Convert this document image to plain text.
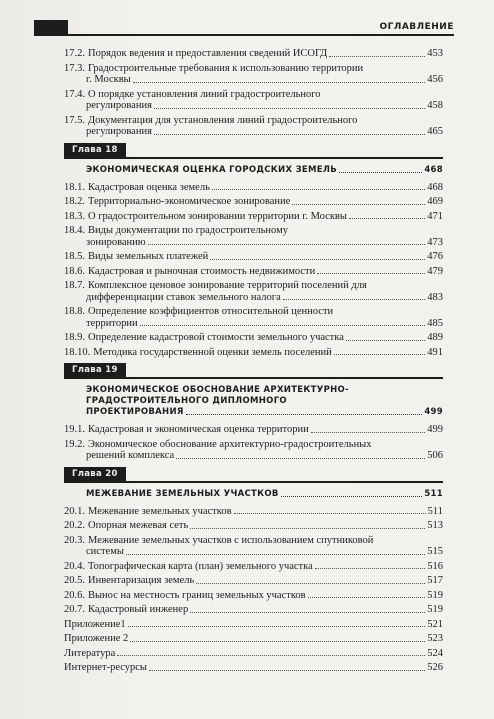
ОГЛАВЛЕНИЕ
17.2. Порядок ведения и предоставления сведений ИСОГД	453
17.3. Градостроительные требования к использованию территории
г. Москвы	456
17.4. О порядке установления линий градостроительного
регулирования	458
17.5. Документация для установления линий градостроительного
регулирования	465
Глава 18
ЭКОНОМИЧЕСКАЯ ОЦЕНКА ГОРОДСКИХ ЗЕМЕЛЬ	468
18.1. Кадастровая оценка земель	468
18.2. Территориально-экономическое зонирование	469
18.3. О градостроительном зонировании территории г. Москвы	471
18.4. Виды документации по градостроительному
зонированию	473
18.5. Виды земельных платежей	476
18.6. Кадастровая и рыночная стоимость недвижимости	479
18.7. Комплексное ценовое зонирование территорий поселений для
дифференциации ставок земельного налога	483
18.8. Определение коэффициентов относительной ценности
территории	485
18.9. Определение кадастровой стоимости земельного участка	489
18.10. Методика государственной оценки земель поселений	491
Глава 19
ЭКОНОМИЧЕСКОЕ ОБОСНОВАНИЕ АРХИТЕКТУРНО-ГРАДОСТРОИТЕЛЬНОГО ДИПЛОМНОГО
ПРОЕКТИРОВАНИЯ	499
19.1. Кадастровая и экономическая оценка территории	499
19.2. Экономическое обоснование архитектурно-градостроительных
решений комплекса	506
Глава 20
МЕЖЕВАНИЕ ЗЕМЕЛЬНЫХ УЧАСТКОВ	511
20.1. Межевание земельных участков	511
20.2. Опорная межевая сеть	513
20.3. Межевание земельных участков с использованием спутниковой
системы	515
20.4. Топографическая карта (план) земельного участка	516
20.5. Инвентаризация земель	517
20.6. Вынос на местность границ земельных участков	519
20.7. Кадастровый инженер	519
Приложение1	521
Приложение 2	523
Литература	524
Интернет-ресурсы	526
